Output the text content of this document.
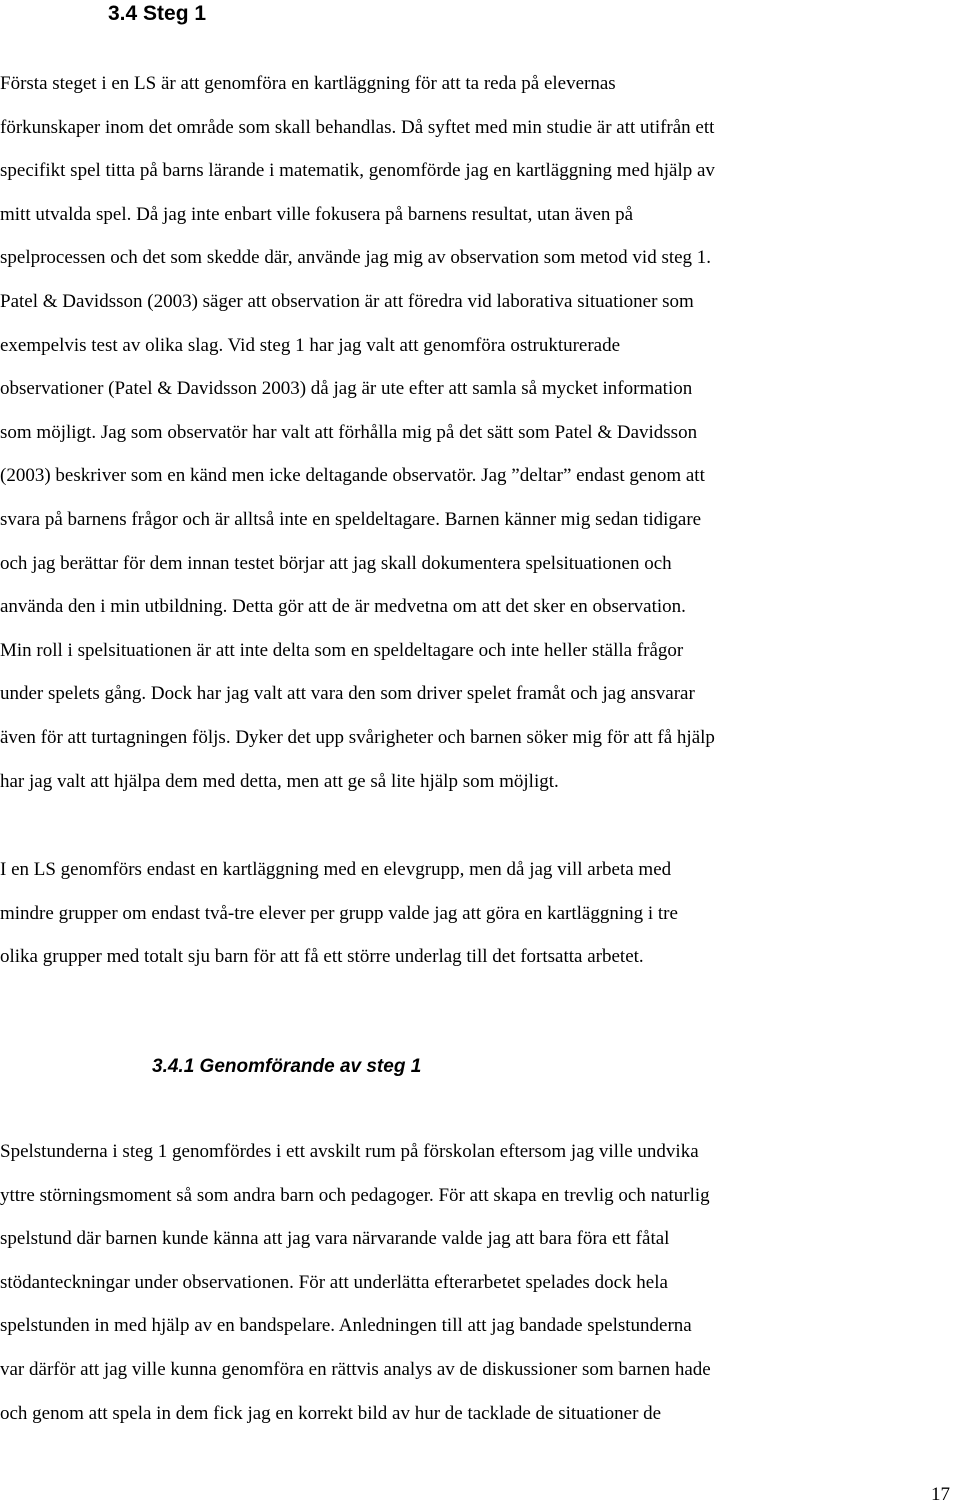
3.4 Steg 1
Första steget i en LS är att genomföra en kartläggning för att ta reda på elevernas
förkunskaper inom det område som skall behandlas. Då syftet med min studie är att utifrån ett
specifikt spel titta på barns lärande i matematik, genomförde jag en kartläggning med hjälp av
mitt utvalda spel. Då jag inte enbart ville fokusera på barnens resultat, utan även på
spelprocessen och det som skedde där, använde jag mig av observation som metod vid steg 1.
Patel & Davidsson (2003) säger att observation är att föredra vid laborativa situationer som
exempelvis test av olika slag. Vid steg 1 har jag valt att genomföra ostrukturerade
observationer (Patel & Davidsson 2003) då jag är ute efter att samla så mycket information
som möjligt. Jag som observatör har valt att förhålla mig på det sätt som Patel & Davidsson
(2003) beskriver som en känd men icke deltagande observatör. Jag ”deltar” endast genom att
svara på barnens frågor och är alltså inte en speldeltagare. Barnen känner mig sedan tidigare
och jag berättar för dem innan testet börjar att jag skall dokumentera spelsituationen och
använda den i min utbildning. Detta gör att de är medvetna om att det sker en observation.
Min roll i spelsituationen är att inte delta som en speldeltagare och inte heller ställa frågor
under spelets gång. Dock har jag valt att vara den som driver spelet framåt och jag ansvarar
även för att turtagningen följs. Dyker det upp svårigheter och barnen söker mig för att få hjälp
har jag valt att hjälpa dem med detta, men att ge så lite hjälp som möjligt.
I en LS genomförs endast en kartläggning med en elevgrupp, men då jag vill arbeta med
mindre grupper om endast två-tre elever per grupp valde jag att göra en kartläggning i tre
olika grupper med totalt sju barn för att få ett större underlag till det fortsatta arbetet.
3.4.1 Genomförande av steg 1
Spelstunderna i steg 1 genomfördes i ett avskilt rum på förskolan eftersom jag ville undvika
yttre störningsmoment så som andra barn och pedagoger. För att skapa en trevlig och naturlig
spelstund där barnen kunde känna att jag vara närvarande valde jag att bara föra ett fåtal
stödanteckningar under observationen. För att underlätta efterarbetet spelades dock hela
spelstunden in med hjälp av en bandspelare. Anledningen till att jag bandade spelstunderna
var därför att jag ville kunna genomföra en rättvis analys av de diskussioner som barnen hade
och genom att spela in dem fick jag en korrekt bild av hur de tacklade de situationer de
17
